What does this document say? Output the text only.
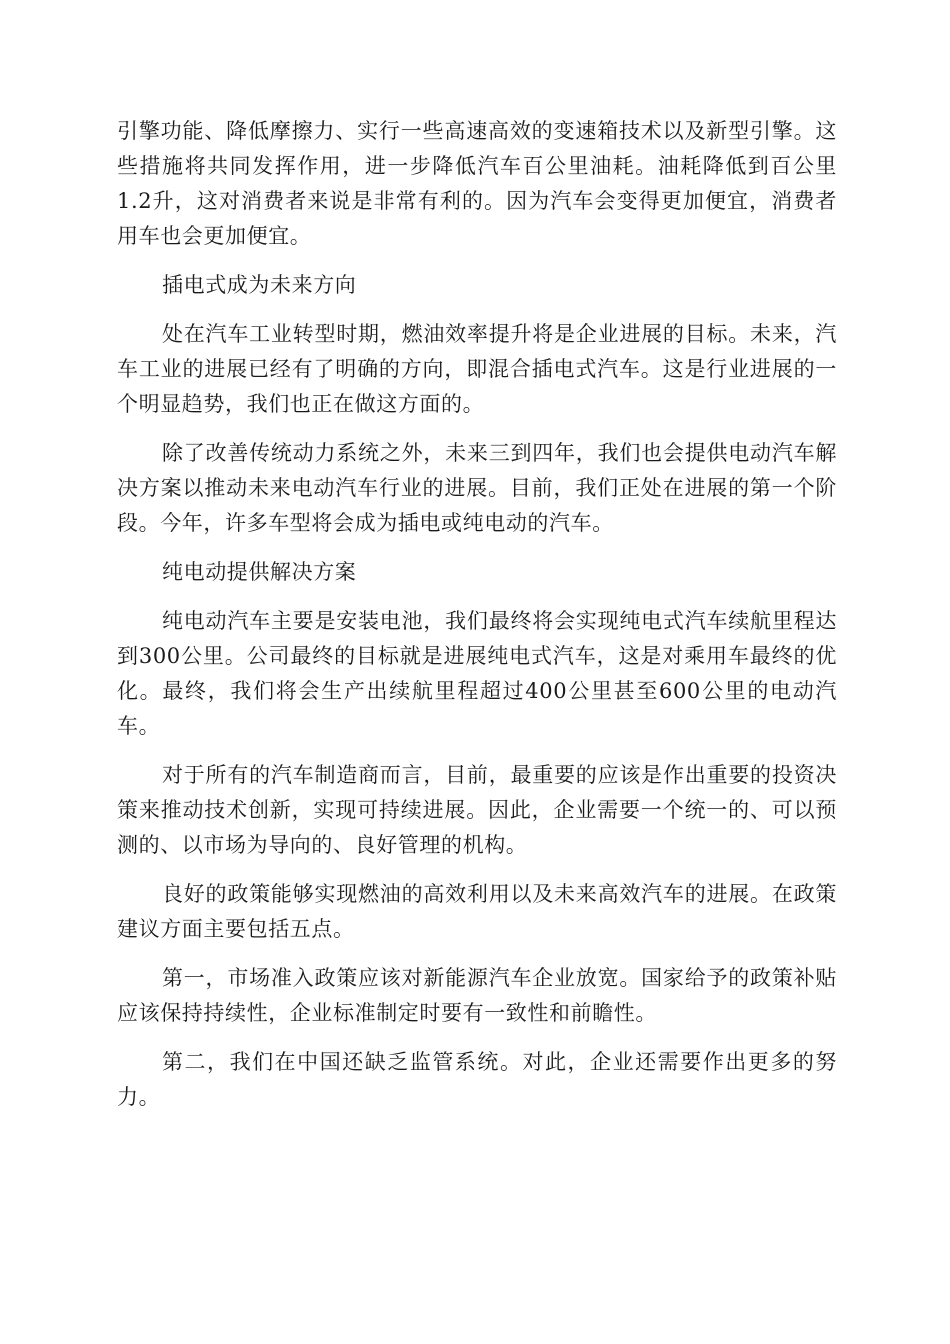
引擎功能、降低摩擦力、实行一些高速高效的变速箱技术以及新型引擎。这些措施将共同发挥作用，进一步降低汽车百公里油耗。油耗降低到百公里1.2升，这对消费者来说是非常有利的。因为汽车会变得更加便宜，消费者用车也会更加便宜。

插电式成为未来方向

处在汽车工业转型时期，燃油效率提升将是企业进展的目标。未来，汽车工业的进展已经有了明确的方向，即混合插电式汽车。这是行业进展的一个明显趋势，我们也正在做这方面的。

除了改善传统动力系统之外，未来三到四年，我们也会提供电动汽车解决方案以推动未来电动汽车行业的进展。目前，我们正处在进展的第一个阶段。今年，许多车型将会成为插电或纯电动的汽车。

纯电动提供解决方案

纯电动汽车主要是安装电池，我们最终将会实现纯电式汽车续航里程达到300公里。公司最终的目标就是进展纯电式汽车，这是对乘用车最终的优化。最终，我们将会生产出续航里程超过400公里甚至600公里的电动汽车。

对于所有的汽车制造商而言，目前，最重要的应该是作出重要的投资决策来推动技术创新，实现可持续进展。因此，企业需要一个统一的、可以预测的、以市场为导向的、良好管理的机构。

良好的政策能够实现燃油的高效利用以及未来高效汽车的进展。在政策建议方面主要包括五点。

第一，市场准入政策应该对新能源汽车企业放宽。国家给予的政策补贴应该保持持续性，企业标准制定时要有一致性和前瞻性。

第二，我们在中国还缺乏监管系统。对此，企业还需要作出更多的努力。
